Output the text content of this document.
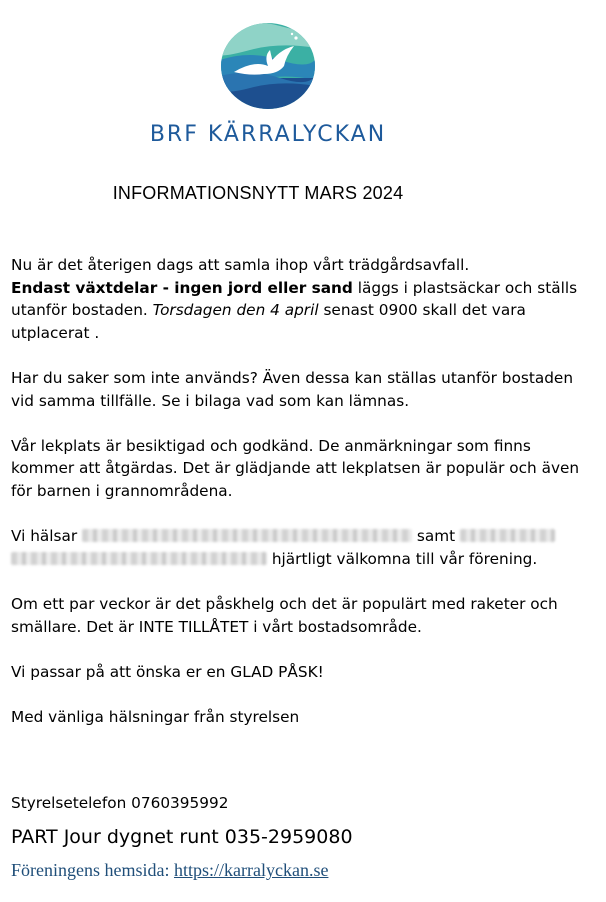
BRF KÄRRALYCKAN
INFORMATIONSNYTT MARS 2024

Nu är det återigen dags att samla ihop vårt trädgårdsavfall.
Endast växtdelar - ingen jord eller sand läggs i plastsäckar och ställs utanför bostaden. Torsdagen den 4 april senast 0900 skall det vara utplacerat .

Har du saker som inte används? Även dessa kan ställas utanför bostaden vid samma tillfälle. Se i bilaga vad som kan lämnas.

Vår lekplats är besiktigad och godkänd. De anmärkningar som finns kommer att åtgärdas. Det är glädjande att lekplatsen är populär och även för barnen i grannområdena.

Vi hälsar	samt
hjärtligt välkomna till vår förening.

Om ett par veckor är det påskhelg och det är populärt med raketer och smällare. Det är INTE TILLÅTET i vårt bostadsområde.

Vi passar på att önska er en GLAD PÅSK!

Med vänliga hälsningar från styrelsen

Styrelsetelefon 0760395992
PART Jour dygnet runt 035-2959080
Föreningens hemsida: https://karralyckan.se
